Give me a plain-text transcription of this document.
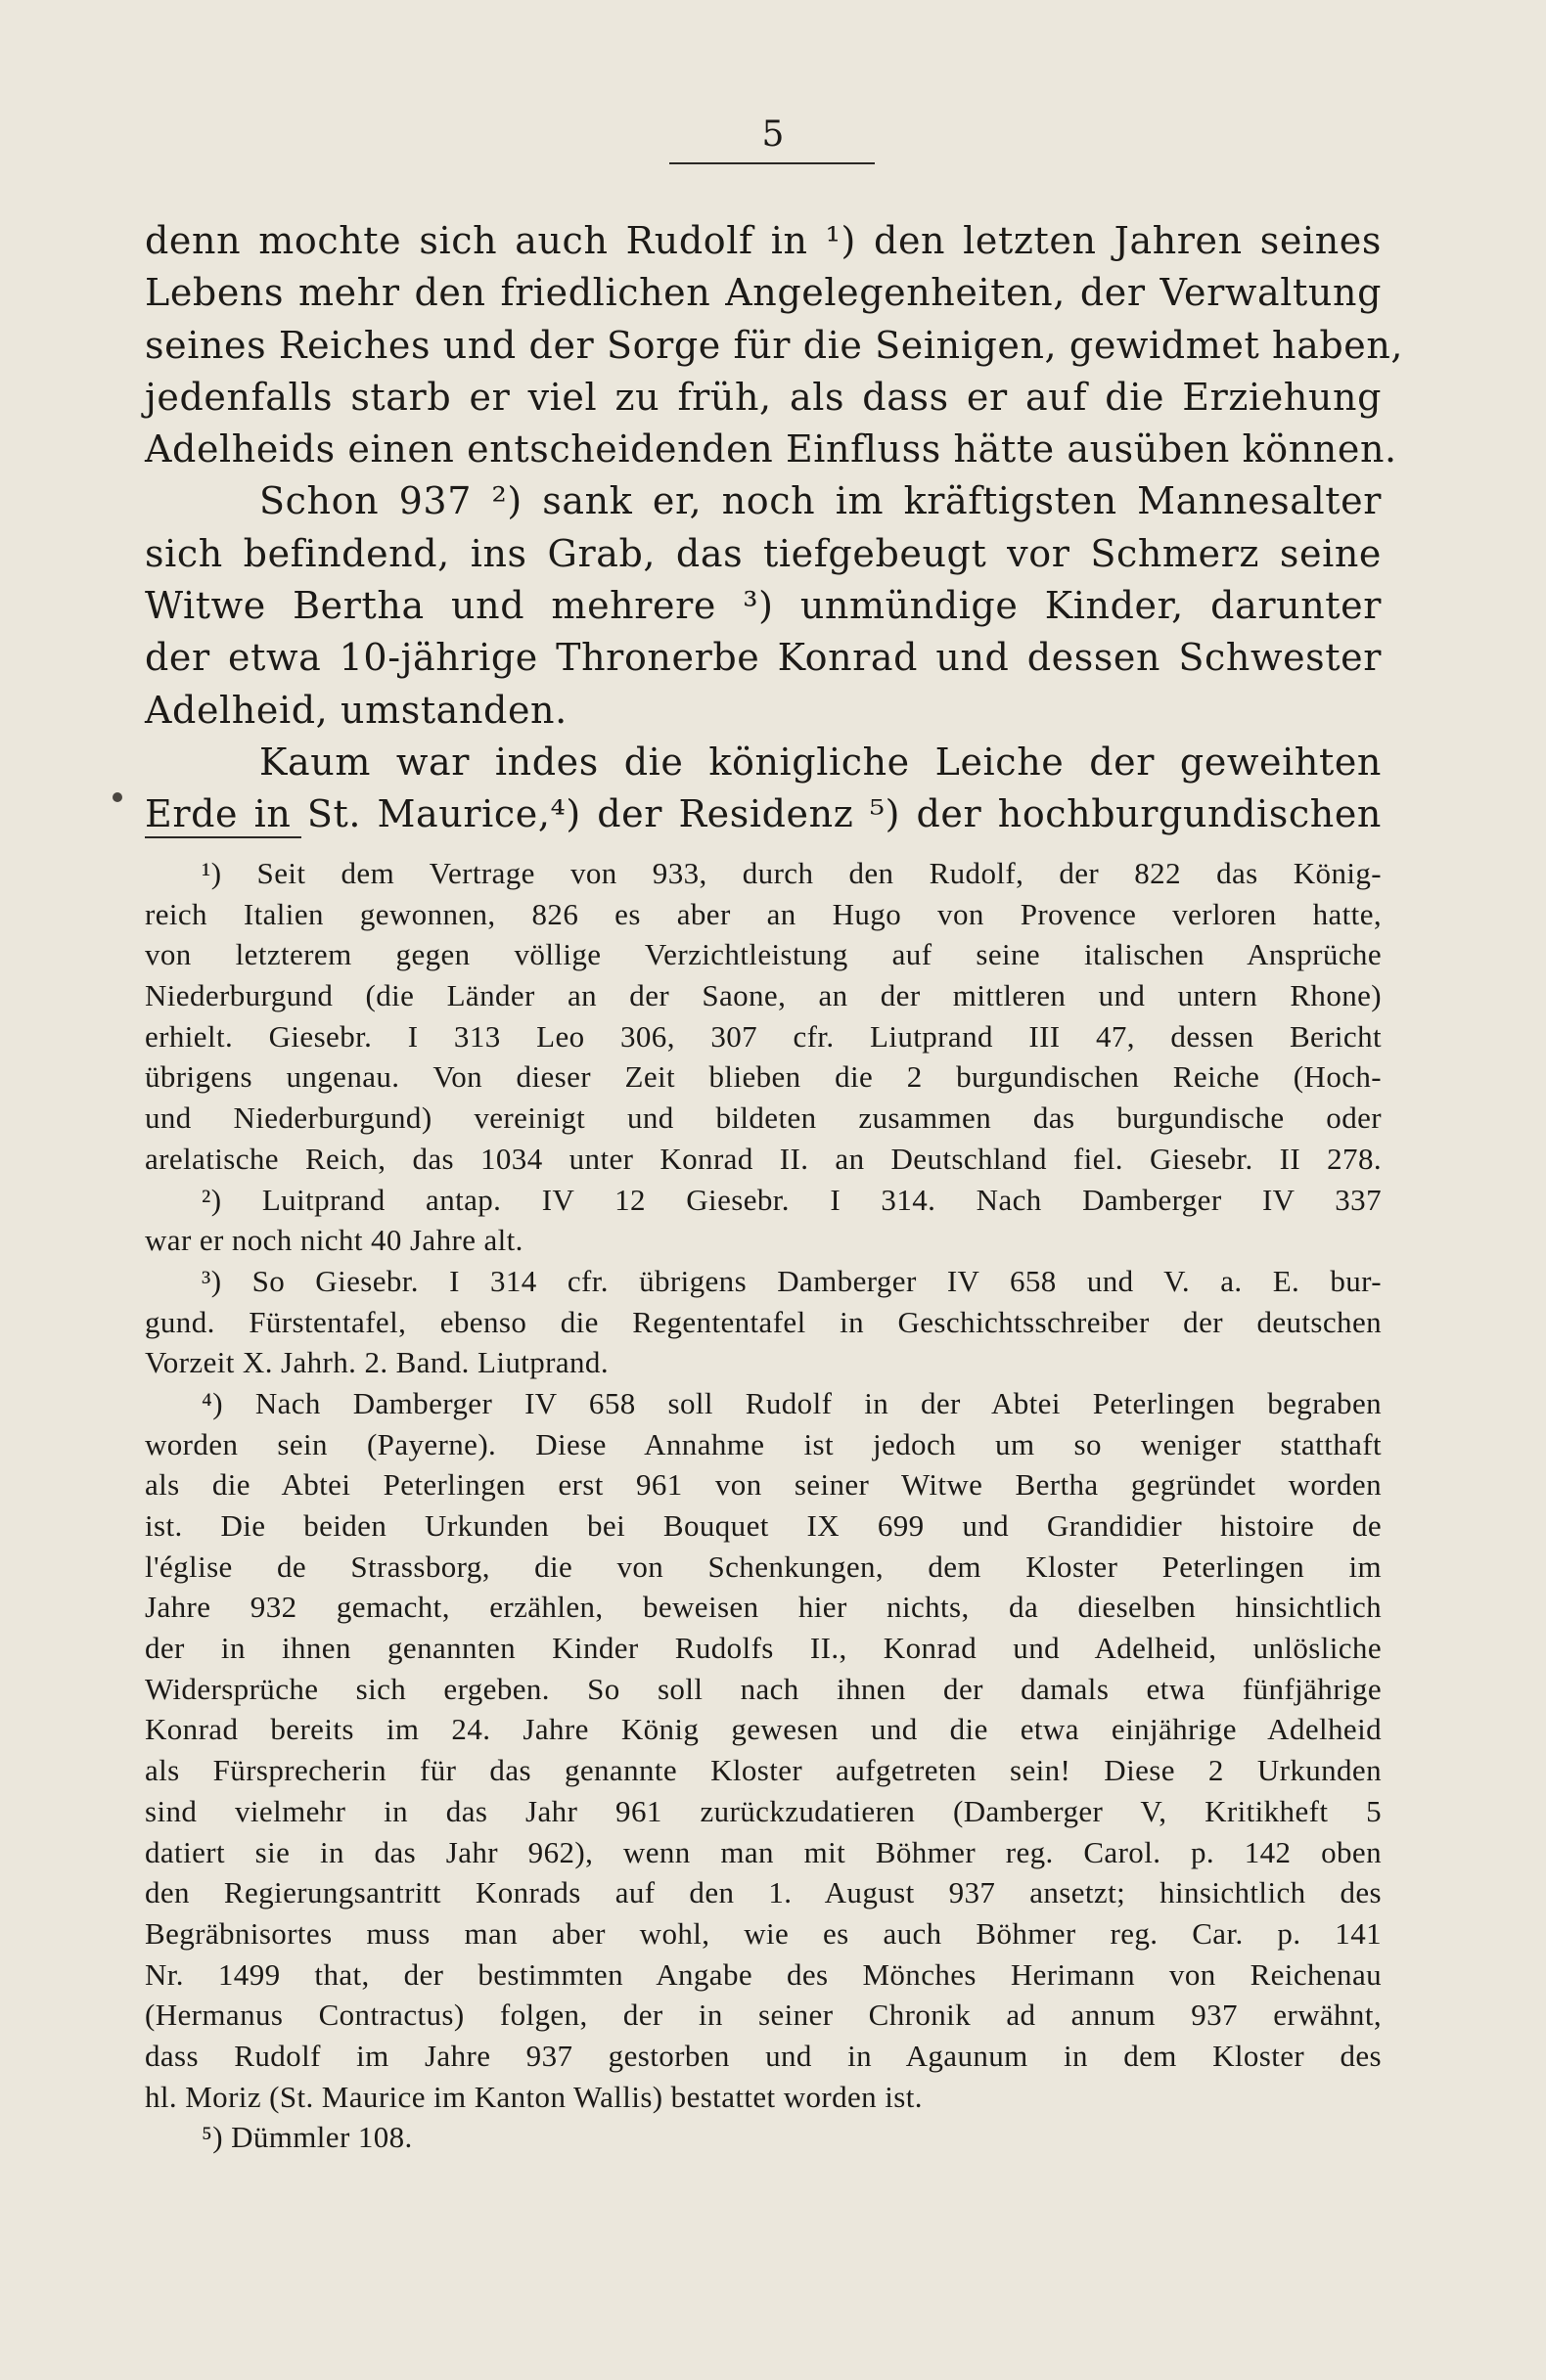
5
denn mochte sich auch Rudolf in ¹) den letzten Jahren seines
Lebens mehr den friedlichen Angelegenheiten, der Verwaltung
seines Reiches und der Sorge für die Seinigen, gewidmet haben,
jedenfalls starb er viel zu früh, als dass er auf die Erziehung
Adelheids einen entscheidenden Einfluss hätte ausüben können.
Schon 937 ²) sank er, noch im kräftigsten Mannesalter
sich befindend, ins Grab, das tiefgebeugt vor Schmerz seine
Witwe Bertha und mehrere ³) unmündige Kinder, darunter
der etwa 10-jährige Thronerbe Konrad und dessen Schwester
Adelheid, umstanden.
Kaum war indes die königliche Leiche der geweihten
Erde in St. Maurice,⁴) der Residenz ⁵) der hochburgundischen
¹) Seit dem Vertrage von 933, durch den Rudolf, der 822 das König-
reich Italien gewonnen, 826 es aber an Hugo von Provence verloren hatte,
von letzterem gegen völlige Verzichtleistung auf seine italischen Ansprüche
Niederburgund (die Länder an der Saone, an der mittleren und untern Rhone)
erhielt. Giesebr. I 313 Leo 306, 307 cfr. Liutprand III 47, dessen Bericht
übrigens ungenau. Von dieser Zeit blieben die 2 burgundischen Reiche (Hoch-
und Niederburgund) vereinigt und bildeten zusammen das burgundische oder
arelatische Reich, das 1034 unter Konrad II. an Deutschland fiel. Giesebr. II 278.
²) Luitprand antap. IV 12 Giesebr. I 314. Nach Damberger IV 337
war er noch nicht 40 Jahre alt.
³) So Giesebr. I 314 cfr. übrigens Damberger IV 658 und V. a. E. bur-
gund. Fürstentafel, ebenso die Regententafel in Geschichtsschreiber der deutschen
Vorzeit X. Jahrh. 2. Band. Liutprand.
⁴) Nach Damberger IV 658 soll Rudolf in der Abtei Peterlingen begraben
worden sein (Payerne). Diese Annahme ist jedoch um so weniger statthaft
als die Abtei Peterlingen erst 961 von seiner Witwe Bertha gegründet worden
ist. Die beiden Urkunden bei Bouquet IX 699 und Grandidier histoire de
l'église de Strassborg, die von Schenkungen, dem Kloster Peterlingen im
Jahre 932 gemacht, erzählen, beweisen hier nichts, da dieselben hinsichtlich
der in ihnen genannten Kinder Rudolfs II., Konrad und Adelheid, unlösliche
Widersprüche sich ergeben. So soll nach ihnen der damals etwa fünfjährige
Konrad bereits im 24. Jahre König gewesen und die etwa einjährige Adelheid
als Fürsprecherin für das genannte Kloster aufgetreten sein! Diese 2 Urkunden
sind vielmehr in das Jahr 961 zurückzudatieren (Damberger V, Kritikheft 5
datiert sie in das Jahr 962), wenn man mit Böhmer reg. Carol. p. 142 oben
den Regierungsantritt Konrads auf den 1. August 937 ansetzt; hinsichtlich des
Begräbnisortes muss man aber wohl, wie es auch Böhmer reg. Car. p. 141
Nr. 1499 that, der bestimmten Angabe des Mönches Herimann von Reichenau
(Hermanus Contractus) folgen, der in seiner Chronik ad annum 937 erwähnt,
dass Rudolf im Jahre 937 gestorben und in Agaunum in dem Kloster des
hl. Moriz (St. Maurice im Kanton Wallis) bestattet worden ist.
⁵) Dümmler 108.
